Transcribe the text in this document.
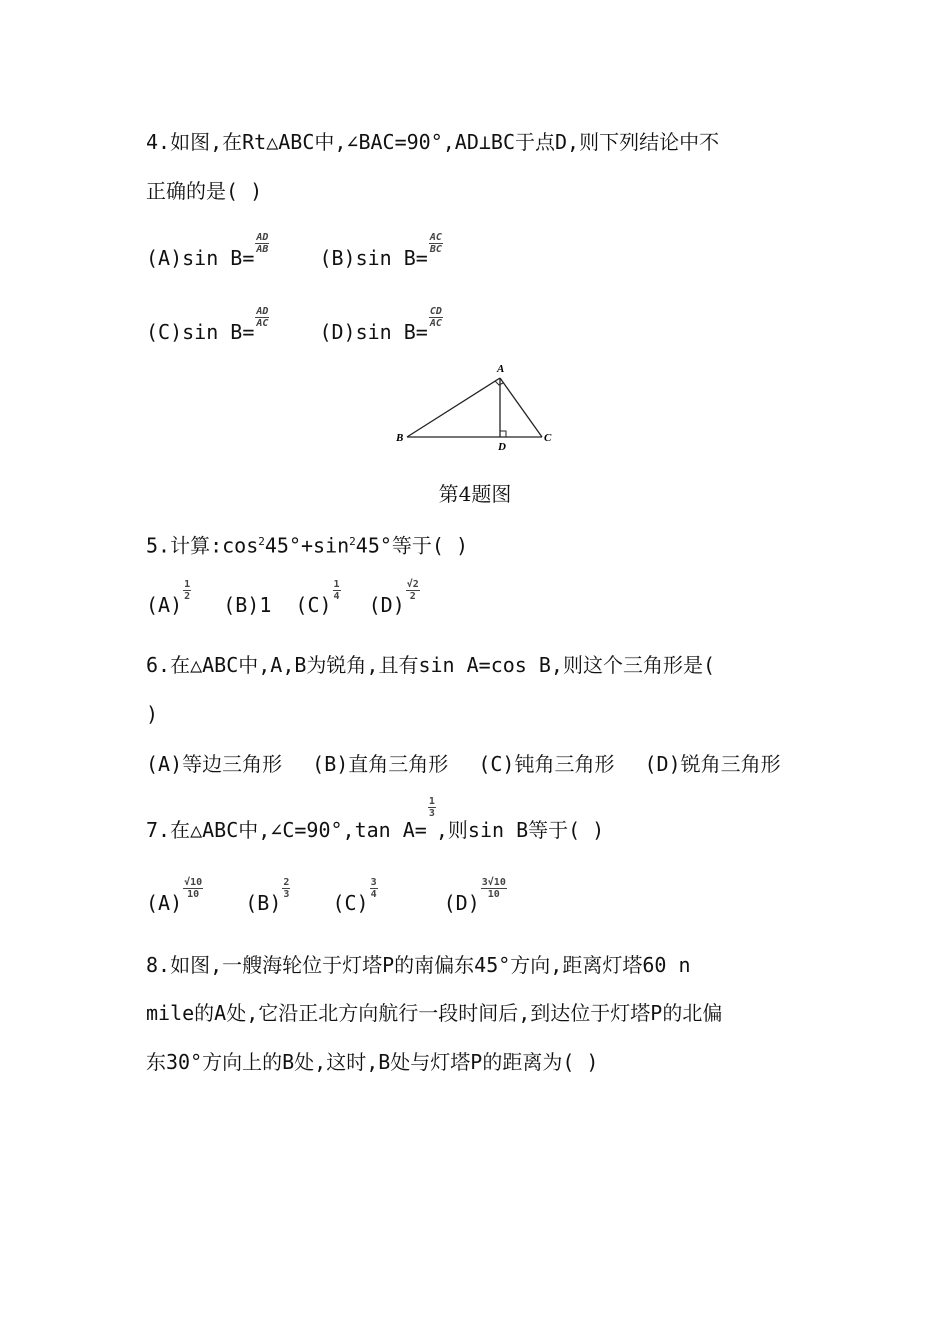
4.如图,在Rt△ABC中,∠BAC=90°,AD⊥BC于点D,则下列结论中不
正确的是( )
(A)sin B=
$\frac{AD}{AB}$
(B)sin B=
$\frac{AC}{BC}$
(C)sin B=
$\frac{AD}{AC}$
(D)sin B=
$\frac{CD}{AC}$
A
B	C
D
第4题图
5.计算$:\cos^245^\circ+\sin^245^\circ$等于( )
(A)
$\frac{1}{2}$
(B)1 (C)
$\frac{1}{4}$
(D)
$\frac{√2}{2}$
6.在△ABC中,A,B为锐角,且有sin A=cos B,则这个三角形是(
)
(A)等边三角形 (B)直角三角形 (C)钝角三角形 (D)锐角三角形
7.在△ABC中,∠C=90°,tan A=
$\frac{1}{3}$
,则sin B等于( )
(A)
$\frac{√10}{10}$
(B)
$\frac{2}{3}$
(C)
$\frac{3}{4}$
(D)
$\frac{3√10}{10}$
8.如图,一艘海轮位于灯塔P的南偏东45°方向,距离灯塔60 n
mile的A处,它沿正北方向航行一段时间后,到达位于灯塔P的北偏
东30°方向上的B处,这时,B处与灯塔P的距离为( )
